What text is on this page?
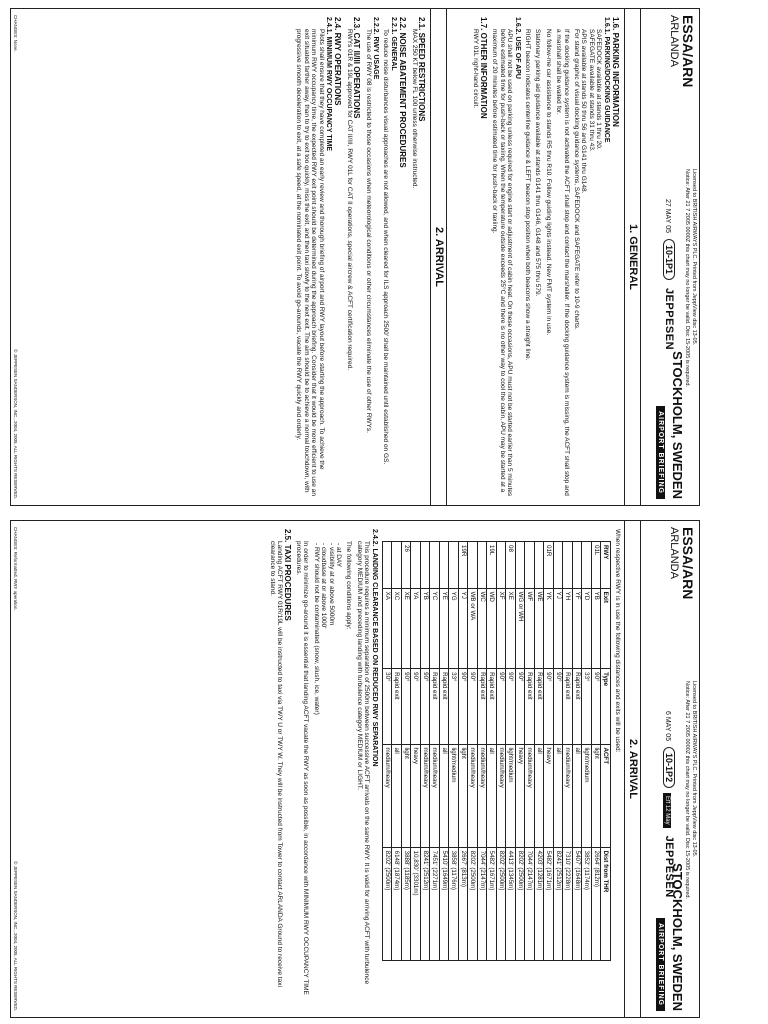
ESSA/ARN
ARLANDA
Licensed to BRITISH AIRWAYS PLC. Printed from JeppView disc 13-05.
Notice: After 21 7 2005 0000Z this chart may no longer be valid. Disc 15-2005 is required.
27 MAY 05 10-1P1 JEPPESEN
STOCKHOLM, SWEDEN
AIRPORT BRIEFING
1. GENERAL
1.6. PARKING INFORMATION
1.6.1. PARKING/DOCKING GUIDANCE
SAFEDOCK available at stands 1 thru 20.
SAFEGATE available at stands 31 thru 43.
APIS available at stands 50 thru 56 and G141 thru G148.
For stand graphic of visual docking guidance systems, SAFEDOCK and SAFEGATE refer to 10-9 charts.
If the docking guidance system is not activated the ACFT shall stop and contact the marshaller. If the docking guidance system is missing, the ACFT shall stop and a marshall shall be waited for.
No follow-me car assistance to stands R5 thru R10. Follow guiding lights instead. New FMT system in use.
Stationary parking aid guidance available at stands G141 thru G146, G148 and 575 thru 579.
RIGHT beacon indicates centerline guidance & LEFT beacon stop position when both beacons show a straight line.
1.6.2. USE OF APU
APU shall not be used on parking unless required for engine start or adjustment of cabin heat. On these occasions, APU must not be started earlier than 5 minutes before estimated time for push-back or taxiing. When the temperature outside exceeds 25°C and there is no other way to cool the cabin, APU may be started at a maximum of 20 minutes before estimated time for push-back or taxiing.
1.7. OTHER INFORMATION
RWY 01L right-hand circuit.
2. ARRIVAL
2.1. SPEED RESTRICTIONS
MAX 250 KT below FL 100 unless otherwise instructed.
2.2. NOISE ABATEMENT PROCEDURES
2.2.1. GENERAL
To reduce noise disturbances visual approaches are not allowed, and when cleared for ILS approach 2500' shall be maintained until established on GS.
2.2.2. RWY USAGE
The use of RWY 08 is restricted to those occasions when meteorological conditions or other circumstances eliminate the use of other RWYs.
2.3. CAT II/III OPERATIONS
RWYs 01R & 19L approved for CAT II/III, RWY 01L for CAT II operations, special aircrew & ACFT certification required.
2.4. RWY OPERATIONS
2.4.1. MINIMUM RWY OCCUPANCY TIME
Pilots shall ensure that they have completed an early review and thorough briefing of airport and RWY layout before starting the approach. To achieve the minimum RWY occupancy time, the expected RWY exit point should be determined during the approach briefing. Consider that it would be more efficient to use an exit situated farther away, than to try to exit too quickly, miss the exit, and then taxi slowly to the next exit. The aim should be to achieve a normal touchdown, with progressive smooth deceleration to exit, at a safe speed, at the nominated exit point. To avoid go-arounds, vacate the RWY quickly and orderly.
CHANGES: None.
© JEPPESEN SANDERSON, INC., 2004, 2005. ALL RIGHTS RESERVED.
ESSA/ARN
ARLANDA
Licensed to BRITISH AIRWAYS PLC. Printed from JeppView disc 13-05.
Notice: After 21 7 2005 0000Z this chart may no longer be valid. Disc 15-2005 is required.
6 MAY 05 10-1P2 Eff 12 May JEPPESEN
STOCKHOLM, SWEDEN
AIRPORT BRIEFING
2. ARRIVAL
When respective RWY is in use the following distances and exits will be used:
RWY	Exit	Type	ACFT	Dist from THR
01L	YB	90°	light	2664' (812m)
	YD	33°	light/medium	3852' (1174m)
	YF	Rapid exit	all	5407' (1648m)
	YH	Rapid exit	medium/heavy	7310' (2228m)
	YJ	90°	all	8241' (2512m)
01R	YK	90°	heavy	5482' (1671m)
	WE	Rapid exit	all	4203' (1281m)
	WF	Rapid exit	medium/heavy	7044' (2147m)
	WG or WH	90°	heavy	8202' (2500m)
08	XE	90°	light/medium	4413' (1345m)
	XF	90°	medium/heavy	8202' (2500m)
19L	WD	Rapid exit	all	5482' (1671m)
	WC	Rapid exit	medium/heavy	7044' (2147m)
	WB or WA	90°	medium/heavy	8202' (2500m)
19R	YJ	90°	light	2667' (813m)
	YG	33°	light/medium	3858' (1176m)
	YE	Rapid exit	all	5410' (1649m)
	YC	Rapid exit	medium/heavy	7451' (2271m)
	YB	90°	medium/heavy	8241' (2512m)
	YA	90°	heavy	10,830' (3301m)
26	XE	90°	light	3888' (1185m)
	XC	Rapid exit	all	6148' (1874m)
	XA	30°	medium/heavy	8202' (2500m)
2.4.2. LANDING CLEARANCE BASED ON REDUCED RWY SEPARATION
This procedure requires a minimum separation of 2500m between successive ACFT arrivals on the same RWY. It is valid for arriving ACFT with turbulence category MEDIUM and preceding landing with turbulence category MEDIUM or LIGHT.
The following conditions apply:
- at DAY
- visibility at or above 5000m
- cloudbase at or above 1000'
- RWY should not be contaminated (snow, slush, ice, water)
In order to minimize go-around it is essential that landing ACFT vacate the RWY as soon as possible, in accordance with MINIMUM RWY OCCUPANCY TIME procedures.
2.5. TAXI PROCEDURES
Landing ACFT RWY 01R/19L will be instructed to taxi via TWY U or TWY W. They will be instructed from Tower to contact ARLANDA Ground to receive taxi clearance to stand.
CHANGES: Reformatted, RWY operation.
© JEPPESEN SANDERSON, INC., 2004, 2005. ALL RIGHTS RESERVED.
